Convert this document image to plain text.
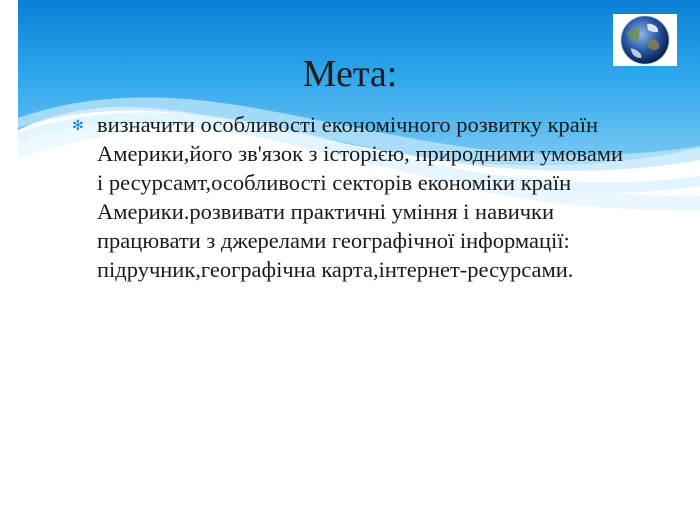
Мета:
✻ визначити особливості економічного розвитку країн Америки,його зв'язок з історією, природними умовами і ресурсамт,особливості секторів економіки країн Америки.розвивати практичні уміння і навички працювати з джерелами географічної інформації: підручник,географічна карта,інтернет-ресурсами.
